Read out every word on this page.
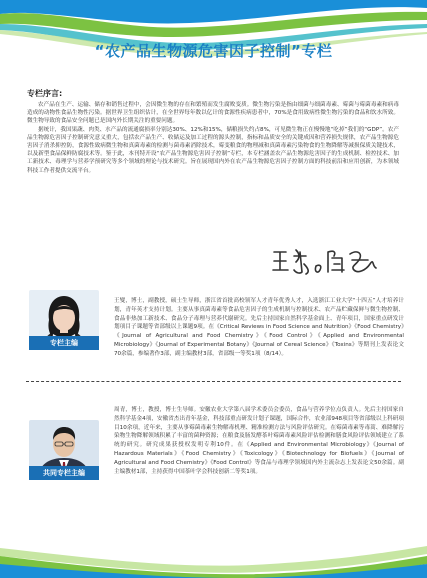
“农产品生物源危害因子控制”专栏
专栏序言:

农产品在生产、运输、储存和销售过程中，会因微生物的存在和繁殖而发生腐败变质。微生物污染是指由细菌与细菌毒素、霉菌与霉菌毒素和病毒造成的动物性食品生物性污染。据世界卫生组织估计，在全世界每年数以亿计的食源性疾病患者中，70%是食用致病性微生物污染的食品和饮水所致。微生物导致的食品安全问题已是国内外长期关注的重要问题。

据统计，我国果蔬、肉类、水产品的流通腐损率分别达30%、12%和15%，储粮损失约占8%，可见微生物正在慢慢地“吃掉”我们的“GDP”。农产品生物源危害因子控制研究意义重大，包括农产品生产、收储运及加工过程的源头控制，指标和品质安全的关键成因和营养损失规律，农产品生物源危害因子消杀抑控防，食源性致病微生物和真菌毒素的检测与菌毒素消除技术，霉变粮食的物理减和真菌毒素污染物食的生物降解等减损保质关键技术，以及新型食品保鲜防腐技术等。鉴于此，本刊特开设“农产品生物源危害因子控制”专栏，本专栏涵盖农产品生物源危害因子的生成机制、检控技术、加工新技术、毒理学与营养学预研究等多个领域的理论与技术研究。旨在展现国内外在农产品生物源危害因子控制方面的科技前沿和应用创新，为本领域科技工作者提供交流平台。

专栏主编
王燮，博士，副教授，硕士生导师，浙江省首批高校领军人才青年优秀人才，入选浙江工业大学“十四五”人才培养计划，青年英才支持计划。主要从事真菌毒素等食品危害因子的生成机制与控制技术、农产品贮藏保鲜与微生物控制、食品非热加工新技术、食品分子毒理与营养代谢研究。先后主持国家自然科学基金面上、青年项目，国家重点研发计划项目子课题等省部级以上课题9项。在《Critical Reviews in Food Science and Nutrition》《Food Chemistry》《Journal of Agricultural and Food Chemistry》《Food Control》《Applied and Environmental Microbiology》《Journal of Experimental Botany》《Journal of Cereal Science》《Toxins》等期刊上发表论文70余篇，参编著作3部，副主编教材3部，省部级一等奖1项（8/14）。
共同专栏主编
周青，博士，教授，博士生导师。安徽农业大学第八届学术委员会委员，食品与营养学位点负责人。先后主持国家自然科学基金4项，安徽省杰出青年基金，科技部重点研发计划子课题，国际合作，农业部948项目等省部级以上科研项目10余项，近年来，主要从事霉菌毒素生物解毒机理、精准检测方法与风险评估研究。在霉菌毒素等毒蒿、难降解污染物生物降解领域积累了丰富的菌种资源；在粮食及肠发酵茶叶霉菌毒素风险评估检测和膳食风险评估领域建立了系统的研究。研究成果获授权发明专利10件。在《Applied and Environmental Microbiology》《Journal of Hazardous Materials》《Food Chemistry》《Toxicology》《Biotechnology for Biofuels》《Journal of Agricultural and Food Chemistry》《Food Control》等食品与毒理学领域国内外主流杂志上发表论文50余篇。副主编教材1部，主持获得中国茶叶学会科技创新二等奖1项。
